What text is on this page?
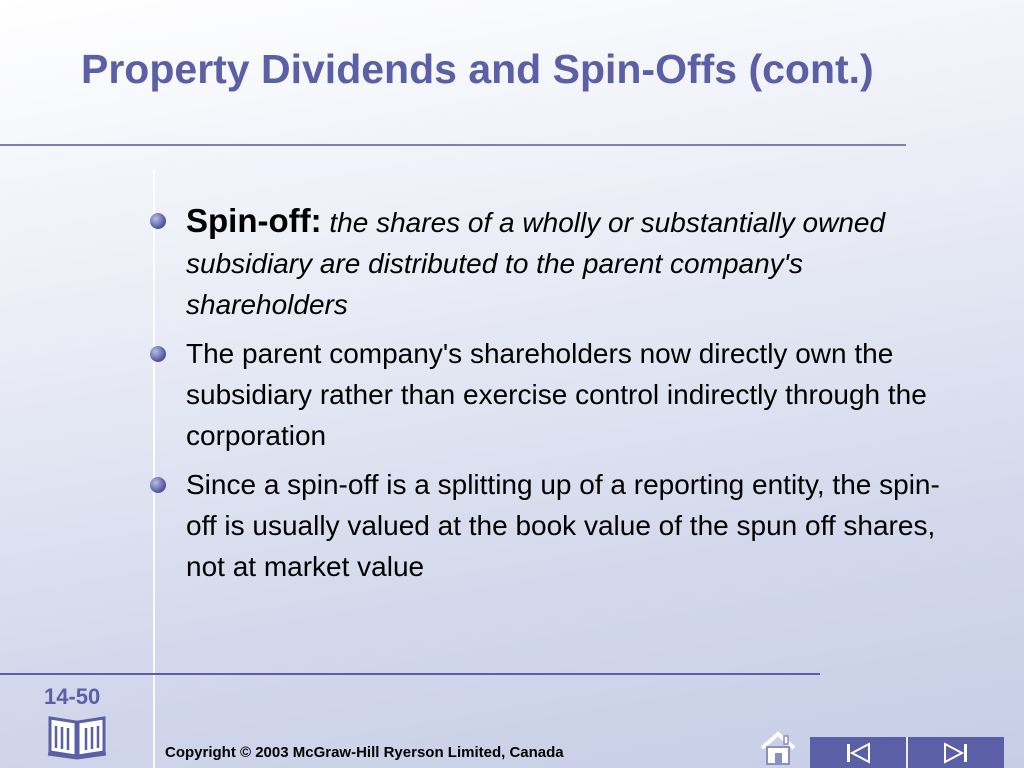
Property Dividends and Spin-Offs (cont.)
Spin-off: the shares of a wholly or substantially owned subsidiary are distributed to the parent company's shareholders
The parent company's shareholders now directly own the subsidiary rather than exercise control indirectly through the corporation
Since a spin-off is a splitting up of a reporting entity, the spin-off is usually valued at the book value of the spun off shares, not at market value
14-50
Copyright © 2003 McGraw-Hill Ryerson Limited, Canada
